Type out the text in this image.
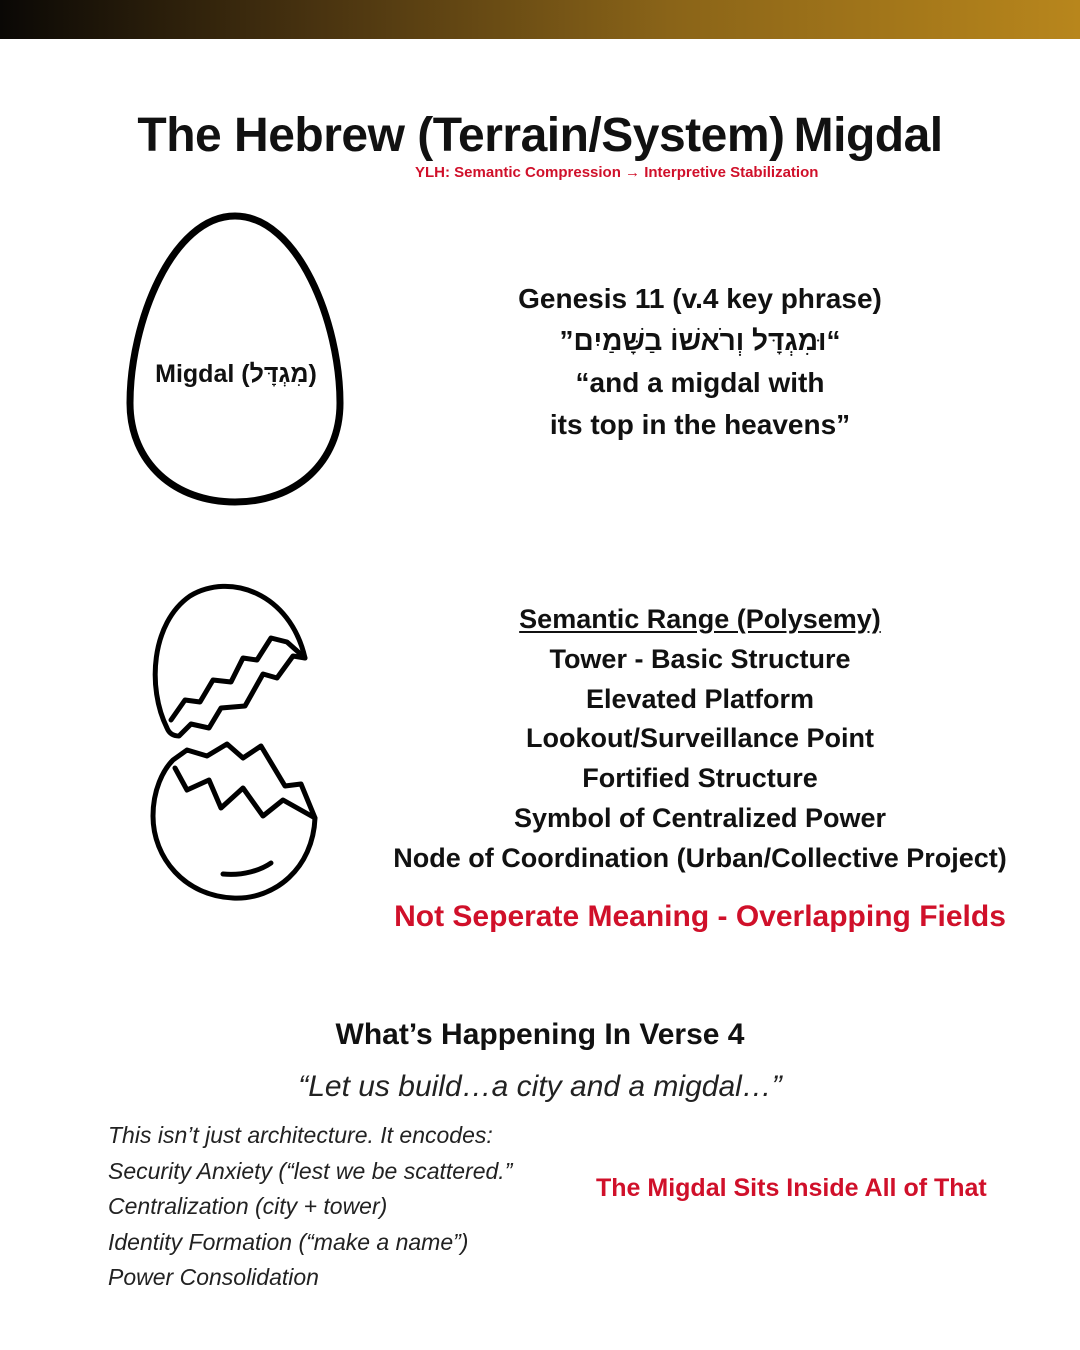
The Hebrew (Terrain/System) Migdal
YLH: Semantic Compression → Interpretive Stabilization
Migdal (מִגְדָּל)
Genesis 11 (v.4 key phrase)
“וּמִגְדָּל וְרֹאשׁוֹ בַשָּׁמַיִם”
“and a migdal with
its top in the heavens”
Semantic Range (Polysemy)
Tower - Basic Structure
Elevated Platform
Lookout/Surveillance Point
Fortified Structure
Symbol of Centralized Power
Node of Coordination (Urban/Collective Project)
Not Seperate Meaning - Overlapping Fields
What’s Happening In Verse 4
“Let us build…a city and a migdal…”
This isn’t just architecture. It encodes:
Security Anxiety (“lest we be scattered.”
Centralization (city + tower)
Identity Formation (“make a name”)
Power Consolidation
The Migdal Sits Inside All of That
